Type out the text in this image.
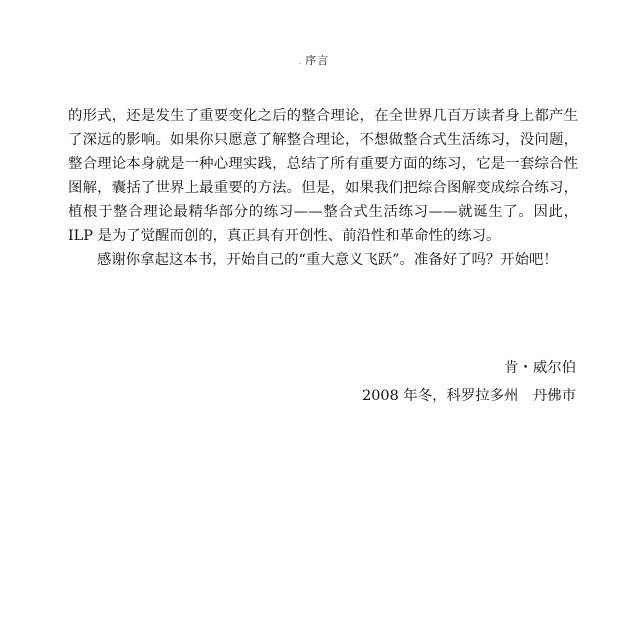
. 序言

的形式，还是发生了重要变化之后的整合理论，在全世界几百万读者身上都产生了深远的影响。如果你只愿意了解整合理论，不想做整合式生活练习，没问题，整合理论本身就是一种心理实践，总结了所有重要方面的练习，它是一套综合性图解，囊括了世界上最重要的方法。但是，如果我们把综合图解变成综合练习，植根于整合理论最精华部分的练习——整合式生活练习——就诞生了。因此，ILP 是为了觉醒而创的，真正具有开创性、前沿性和革命性的练习。

感谢你拿起这本书，开始自己的“重大意义飞跃”。准备好了吗？开始吧！

肯・威尔伯
2008 年冬，科罗拉多州　丹佛市
